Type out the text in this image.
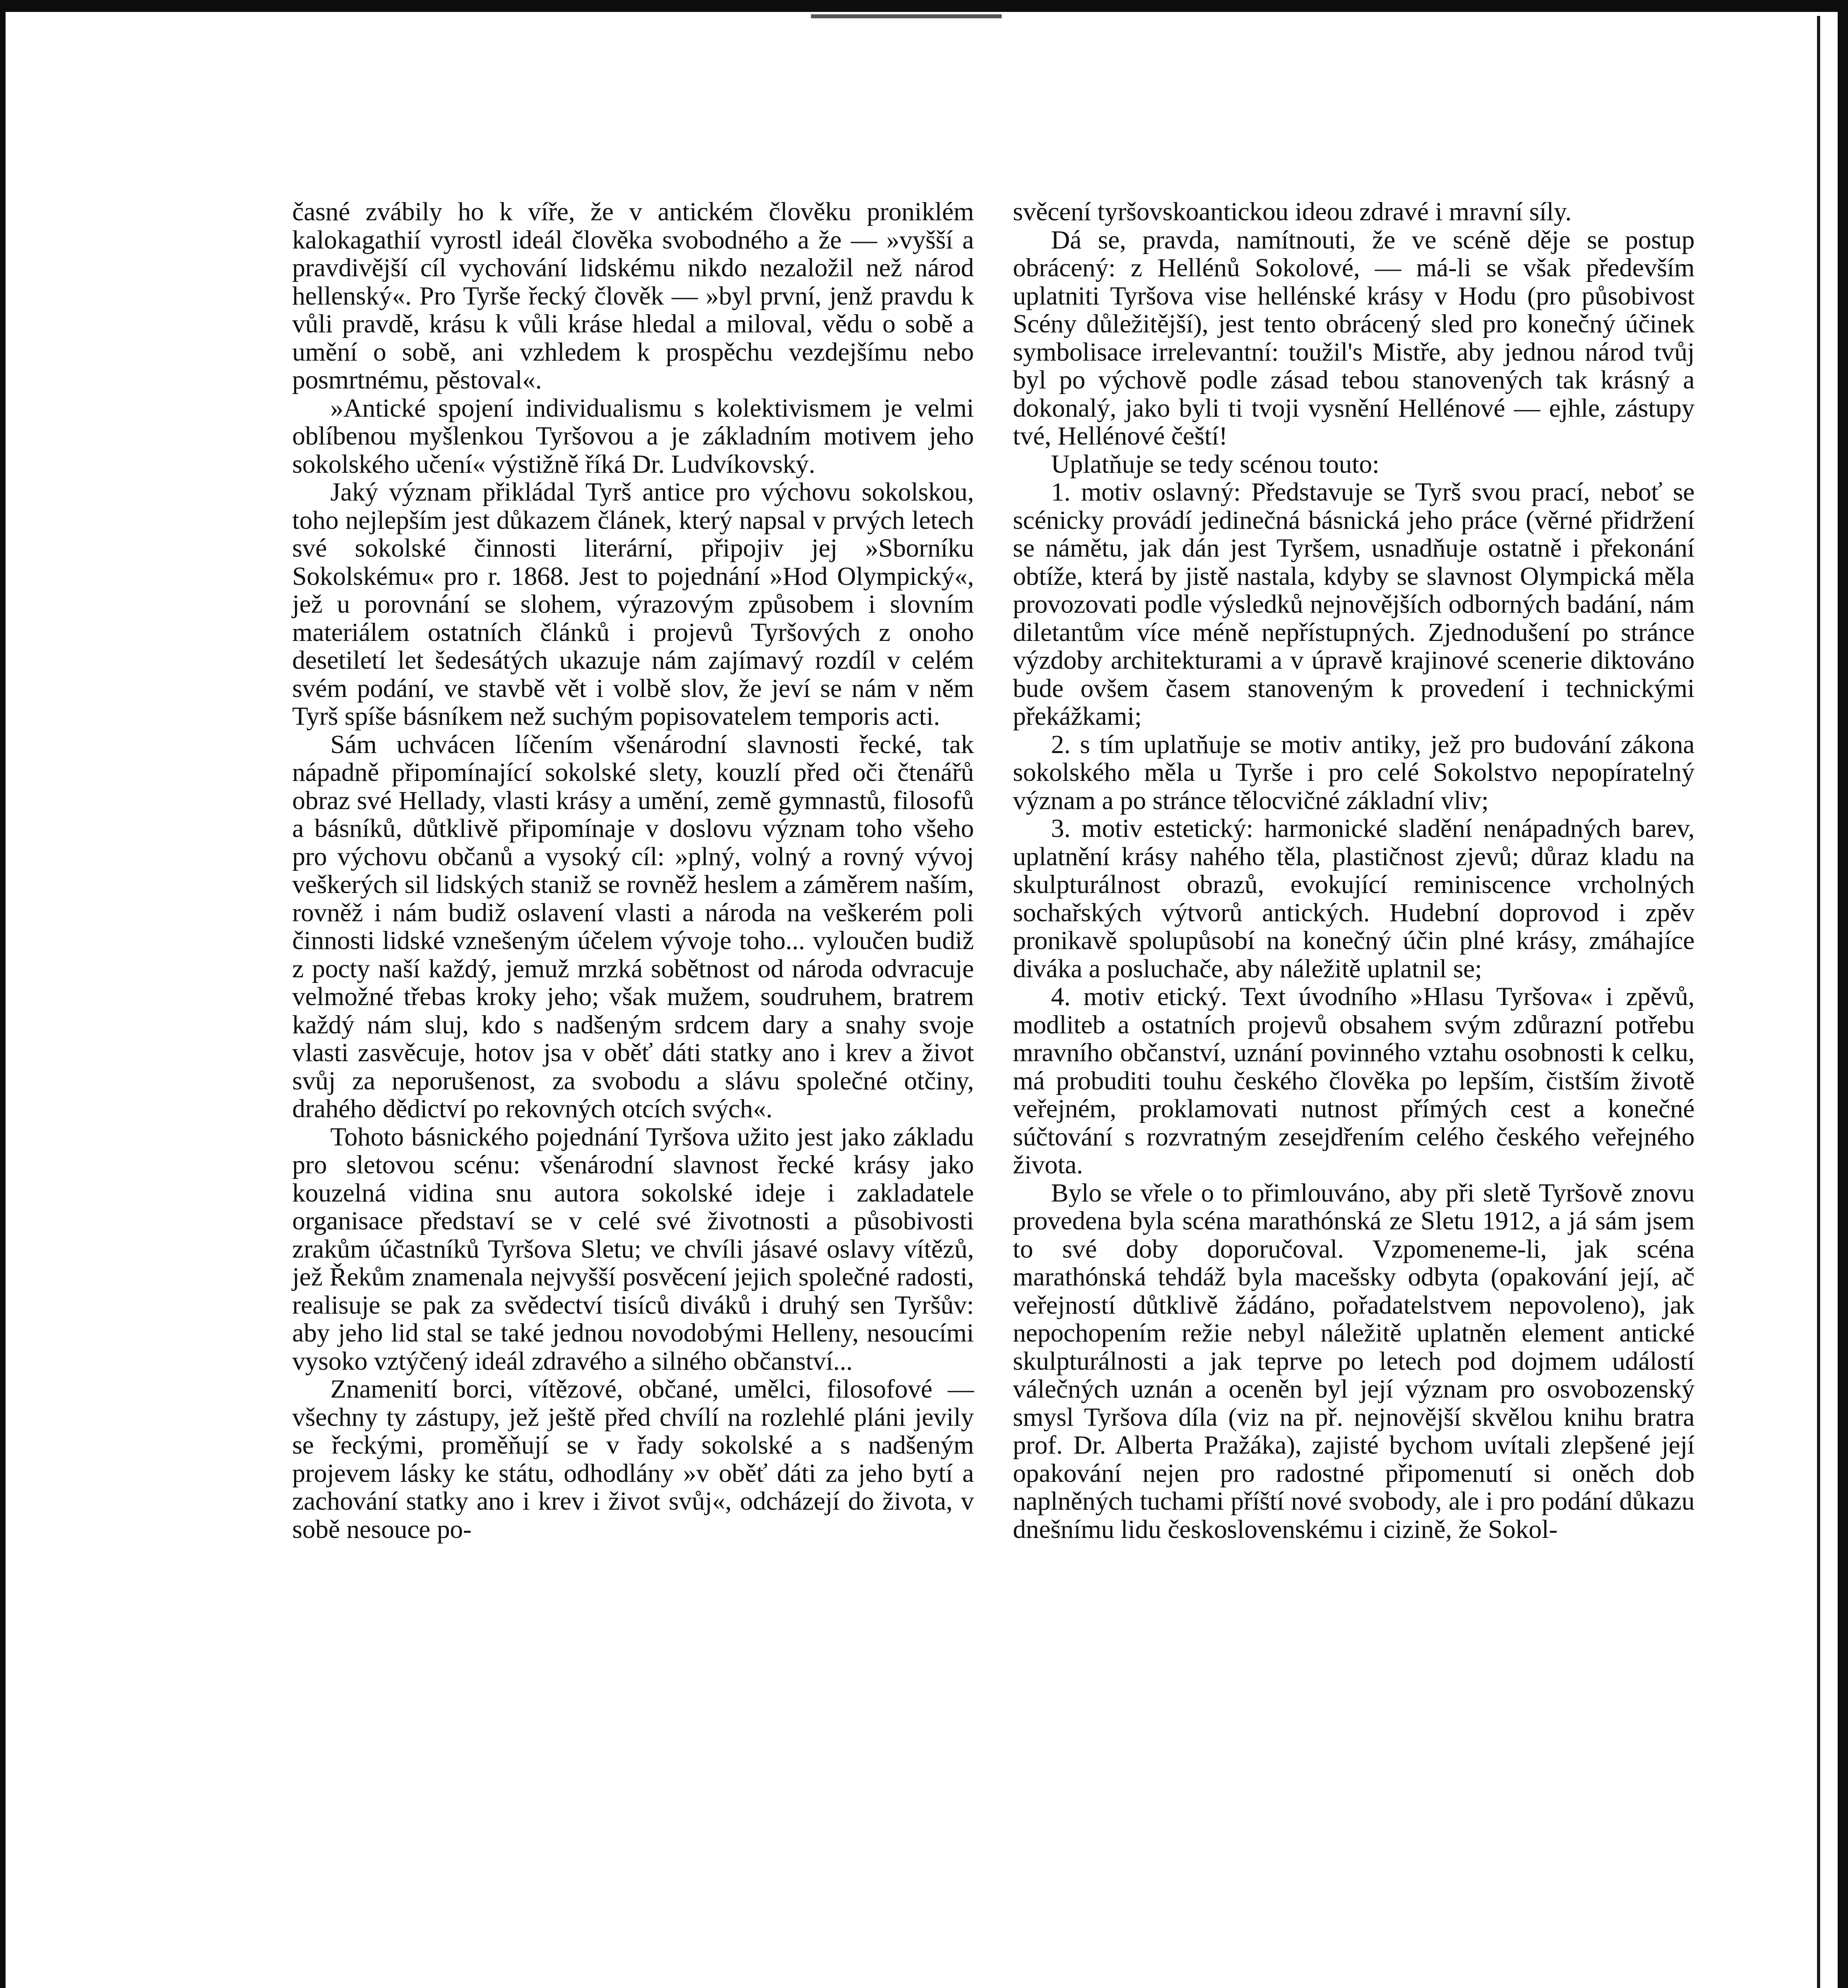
časné zvábily ho k víře, že v antickém člověku proniklém kalokagathií vyrostl ideál člověka svobodného a že — »vyšší a pravdivější cíl vychování lidskému nikdo nezaložil než národ hellenský«. Pro Tyrše řecký člověk — »byl první, jenž pravdu k vůli pravdě, krásu k vůli kráse hledal a miloval, vědu o sobě a umění o sobě, ani vzhledem k prospěchu vezdejšímu nebo posmrtnému, pěstoval«.

»Antické spojení individualismu s kolektivismem je velmi oblíbenou myšlenkou Tyršovou a je základním motivem jeho sokolského učení« výstižně říká Dr. Ludvíkovský.

Jaký význam přikládal Tyrš antice pro výchovu sokolskou, toho nejlepším jest důkazem článek, který napsal v prvých letech své sokolské činnosti literární, připojiv jej »Sborníku Sokolskému« pro r. 1868. Jest to pojednání »Hod Olympický«, jež u porovnání se slohem, výrazovým způsobem i slovním materiálem ostatních článků i projevů Tyršových z onoho desetiletí let šedesátých ukazuje nám zajímavý rozdíl v celém svém podání, ve stavbě vět i volbě slov, že jeví se nám v něm Tyrš spíše básníkem než suchým popisovatelem temporis acti.

Sám uchvácen líčením všenárodní slavnosti řecké, tak nápadně připomínající sokolské slety, kouzlí před oči čtenářů obraz své Hellady, vlasti krásy a umění, země gymnastů, filosofů a básníků, důtklivě připomínaje v doslovu význam toho všeho pro výchovu občanů a vysoký cíl: »plný, volný a rovný vývoj veškerých sil lidských staniž se rovněž heslem a záměrem naším, rovněž i nám budiž oslavení vlasti a národa na veškerém poli činnosti lidské vznešeným účelem vývoje toho... vyloučen budiž z pocty naší každý, jemuž mrzká sobětnost od národa odvracuje velmožné třebas kroky jeho; však mužem, soudruhem, bratrem každý nám sluj, kdo s nadšeným srdcem dary a snahy svoje vlasti zasvěcuje, hotov jsa v oběť dáti statky ano i krev a život svůj za neporušenost, za svobodu a slávu společné otčiny, drahého dědictví po rekovných otcích svých«.

Tohoto básnického pojednání Tyršova užito jest jako základu pro sletovou scénu: všenárodní slavnost řecké krásy jako kouzelná vidina snu autora sokolské ideje i zakladatele organisace představí se v celé své životnosti a působivosti zrakům účastníků Tyršova Sletu; ve chvíli jásavé oslavy vítězů, jež Řekům znamenala nejvyšší posvěcení jejich společné radosti, realisuje se pak za svědectví tisíců diváků i druhý sen Tyršův: aby jeho lid stal se také jednou novodobými Helleny, nesoucími vysoko vztýčený ideál zdravého a silného občanství...

Znamenití borci, vítězové, občané, umělci, filosofové — všechny ty zástupy, jež ještě před chvílí na rozlehlé pláni jevily se řeckými, proměňují se v řady sokolské a s nadšeným projevem lásky ke státu, odhodlány »v oběť dáti za jeho bytí a zachování statky ano i krev i život svůj«, odcházejí do života, v sobě nesouce po-

svěcení tyršovskoantickou ideou zdravé i mravní síly.

Dá se, pravda, namítnouti, že ve scéně děje se postup obrácený: z Hellénů Sokolové, — má-li se však především uplatniti Tyršova vise hellénské krásy v Hodu (pro působivost Scény důležitější), jest tento obrácený sled pro konečný účinek symbolisace irrelevantní: toužil's Mistře, aby jednou národ tvůj byl po výchově podle zásad tebou stanovených tak krásný a dokonalý, jako byli ti tvoji vysnění Hellénové — ejhle, zástupy tvé, Hellénové čeští!

Uplatňuje se tedy scénou touto:

1. motiv oslavný: Představuje se Tyrš svou prací, neboť se scénicky provádí jedinečná básnická jeho práce (věrné přidržení se námětu, jak dán jest Tyršem, usnadňuje ostatně i překonání obtíže, která by jistě nastala, kdyby se slavnost Olympická měla provozovati podle výsledků nejnovějších odborných badání, nám diletantům více méně nepřístupných. Zjednodušení po stránce výzdoby architekturami a v úpravě krajinové scenerie diktováno bude ovšem časem stanoveným k provedení i technickými překážkami;

2. s tím uplatňuje se motiv antiky, jež pro budování zákona sokolského měla u Tyrše i pro celé Sokolstvo nepopíratelný význam a po stránce tělocvičné základní vliv;

3. motiv estetický: harmonické sladění nenápadných barev, uplatnění krásy nahého těla, plastičnost zjevů; důraz kladu na skulpturálnost obrazů, evokující reminiscence vrcholných sochařských výtvorů antických. Hudební doprovod i zpěv pronikavě spolupůsobí na konečný účin plné krásy, zmáhajíce diváka a posluchače, aby náležitě uplatnil se;

4. motiv etický. Text úvodního »Hlasu Tyršova« i zpěvů, modliteb a ostatních projevů obsahem svým zdůrazní potřebu mravního občanství, uznání povinného vztahu osobnosti k celku, má probuditi touhu českého člověka po lepším, čistším životě veřejném, proklamovati nutnost přímých cest a konečné súčtování s rozvratným zesejdřením celého českého veřejného života.

Bylo se vřele o to přimlouváno, aby při sletě Tyršově znovu provedena byla scéna marathónská ze Sletu 1912, a já sám jsem to své doby doporučoval. Vzpomeneme-li, jak scéna marathónská tehdáž byla macešsky odbyta (opakování její, ač veřejností důtklivě žádáno, pořadatelstvem nepovoleno), jak nepochopením režie nebyl náležitě uplatněn element antické skulpturálnosti a jak teprve po letech pod dojmem událostí válečných uznán a oceněn byl její význam pro osvobozenský smysl Tyršova díla (viz na př. nejnovější skvělou knihu bratra prof. Dr. Alberta Pražáka), zajisté bychom uvítali zlepšené její opakování nejen pro radostné připomenutí si oněch dob naplněných tuchami příští nové svobody, ale i pro podání důkazu dnešnímu lidu československému i cizině, že Sokol-
